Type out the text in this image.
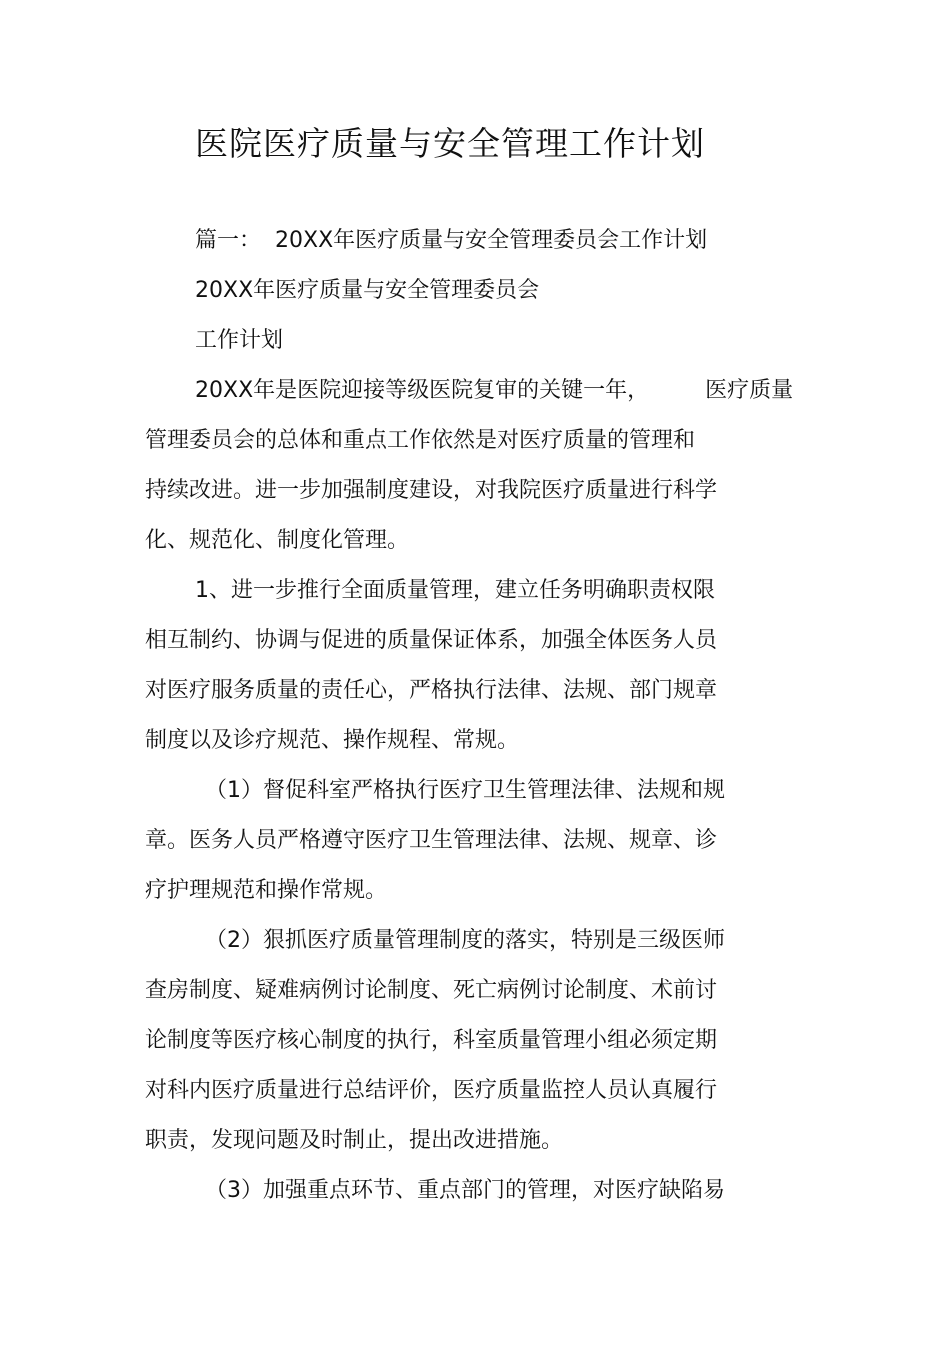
医院医疗质量与安全管理工作计划
篇一： 20XX年医疗质量与安全管理委员会工作计划
20XX年医疗质量与安全管理委员会
工作计划
20XX年是医院迎接等级医院复审的关键一年，	医疗质量
管理委员会的总体和重点工作依然是对医疗质量的管理和
持续改进。进一步加强制度建设，对我院医疗质量进行科学
化、规范化、制度化管理。
1、进一步推行全面质量管理，建立任务明确职责权限
相互制约、协调与促进的质量保证体系，加强全体医务人员
对医疗服务质量的责任心，严格执行法律、法规、部门规章
制度以及诊疗规范、操作规程、常规。
（1）督促科室严格执行医疗卫生管理法律、法规和规
章。医务人员严格遵守医疗卫生管理法律、法规、规章、诊
疗护理规范和操作常规。
（2）狠抓医疗质量管理制度的落实，特别是三级医师
查房制度、疑难病例讨论制度、死亡病例讨论制度、术前讨
论制度等医疗核心制度的执行，科室质量管理小组必须定期
对科内医疗质量进行总结评价，医疗质量监控人员认真履行
职责，发现问题及时制止，提出改进措施。
（3）加强重点环节、重点部门的管理，对医疗缺陷易
